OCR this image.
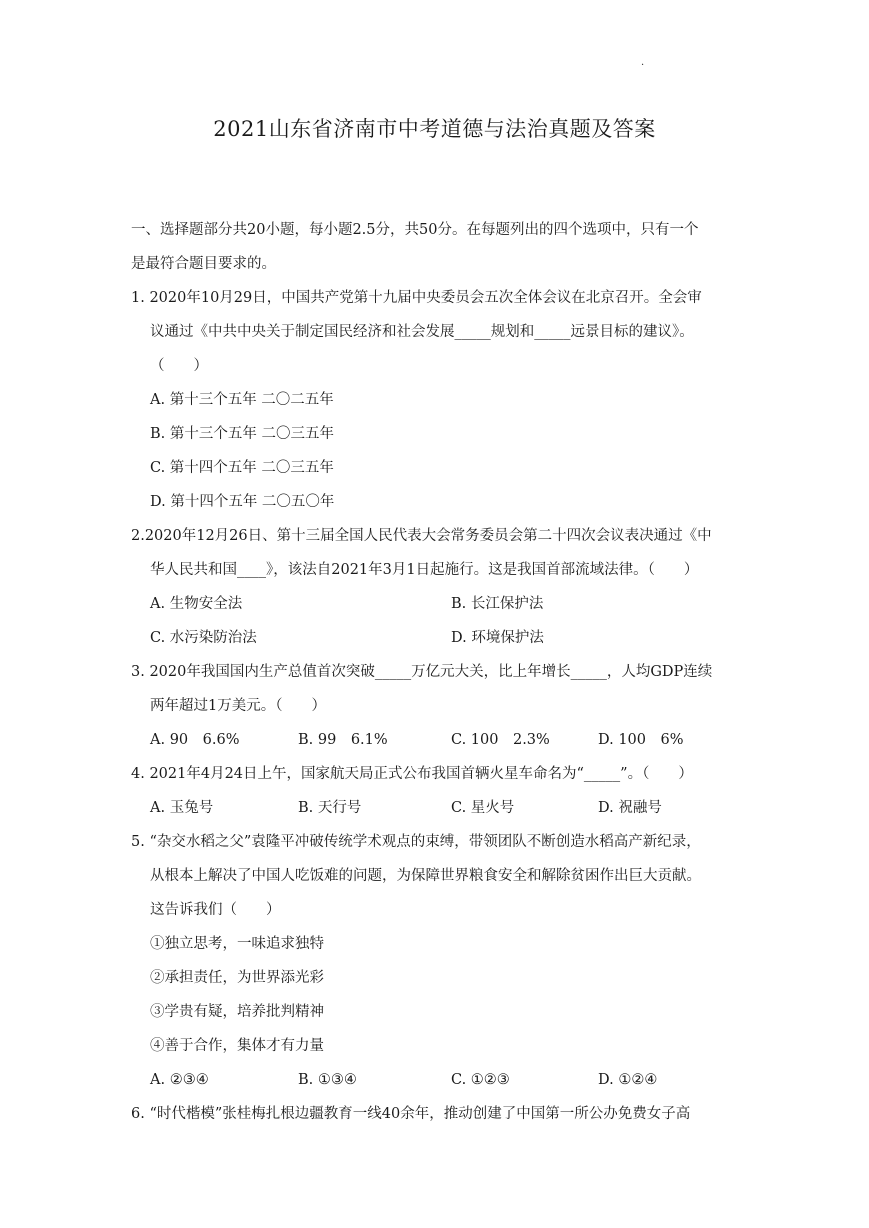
·
2021山东省济南市中考道德与法治真题及答案
一、选择题部分共20小题，每小题2.5分，共50分。在每题列出的四个选项中，只有一个
是最符合题目要求的。
1. 2020年10月29日，中国共产党第十九届中央委员会五次全体会议在北京召开。全会审
议通过《中共中央关于制定国民经济和社会发展_____规划和_____远景目标的建议》。
（　　）
A. 第十三个五年 二〇二五年
B. 第十三个五年 二〇三五年
C. 第十四个五年 二〇三五年
D. 第十四个五年 二〇五〇年
2.2020年12月26日、第十三届全国人民代表大会常务委员会第二十四次会议表决通过《中
华人民共和国____》，该法自2021年3月1日起施行。这是我国首部流域法律。（　　）
A. 生物安全法	B. 长江保护法
C. 水污染防治法	D. 环境保护法
3. 2020年我国国内生产总值首次突破_____万亿元大关，比上年增长_____，人均GDP连续
两年超过1万美元。（　　）
A. 90　6.6%	B. 99　6.1%	C. 100　2.3%	D. 100　6%
4. 2021年4月24日上午，国家航天局正式公布我国首辆火星车命名为“_____”。（　　）
A. 玉兔号	B. 天行号	C. 星火号	D. 祝融号
5. “杂交水稻之父”袁隆平冲破传统学术观点的束缚，带领团队不断创造水稻高产新纪录，
从根本上解决了中国人吃饭难的问题，为保障世界粮食安全和解除贫困作出巨大贡献。
这告诉我们（　　）
①独立思考，一味追求独特
②承担责任，为世界添光彩
③学贵有疑，培养批判精神
④善于合作，集体才有力量
A. ②③④	B. ①③④	C. ①②③	D. ①②④
6. “时代楷模”张桂梅扎根边疆教育一线40余年，推动创建了中国第一所公办免费女子高
